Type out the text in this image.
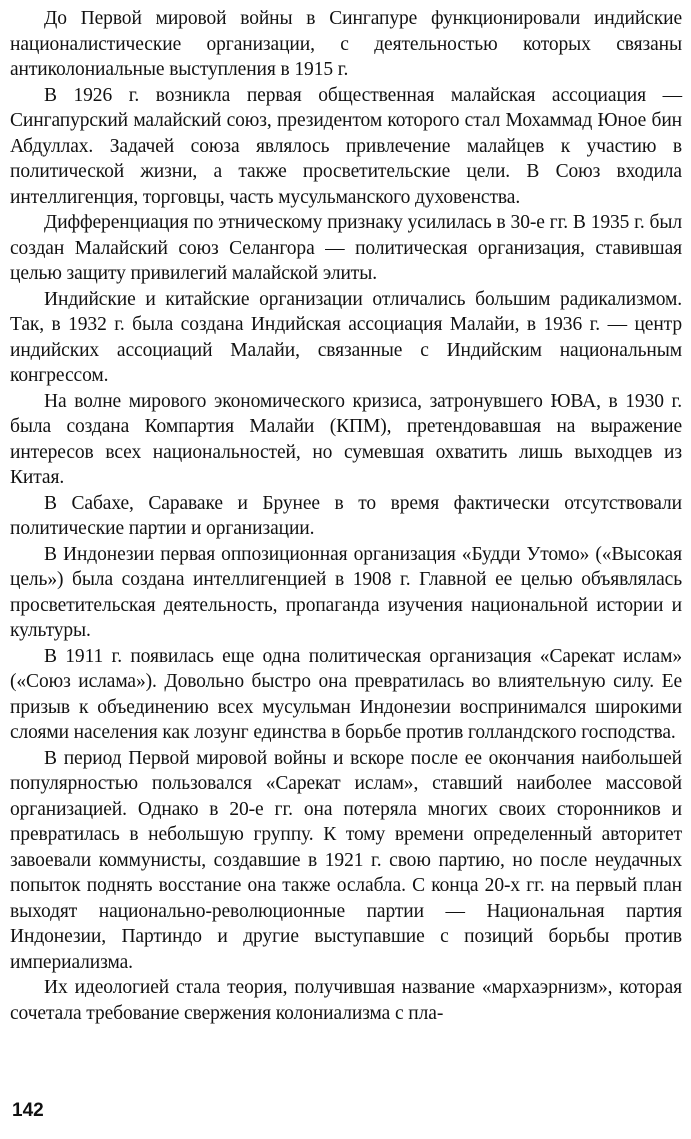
До Первой мировой войны в Сингапуре функционировали индийские националистические организации, с деятельностью которых связаны антиколониальные выступления в 1915 г.

В 1926 г. возникла первая общественная малайская ассоциация — Сингапурский малайский союз, президентом которого стал Мохаммад Юное бин Абдуллах. Задачей союза являлось привлечение малайцев к участию в политической жизни, а также просветительские цели. В Союз входила интеллигенция, торговцы, часть мусульманского духовенства.

Дифференциация по этническому признаку усилилась в 30-е гг. В 1935 г. был создан Малайский союз Селангора — политическая организация, ставившая целью защиту привилегий малайской элиты.

Индийские и китайские организации отличались большим радикализмом. Так, в 1932 г. была создана Индийская ассоциация Малайи, в 1936 г. — центр индийских ассоциаций Малайи, связанные с Индийским национальным конгрессом.

На волне мирового экономического кризиса, затронувшего ЮВА, в 1930 г. была создана Компартия Малайи (КПМ), претендовавшая на выражение интересов всех национальностей, но сумевшая охватить лишь выходцев из Китая.

В Сабахе, Сараваке и Брунее в то время фактически отсутствовали политические партии и организации.

В Индонезии первая оппозиционная организация «Будди Утомо» («Высокая цель») была создана интеллигенцией в 1908 г. Главной ее целью объявлялась просветительская деятельность, пропаганда изучения национальной истории и культуры.

В 1911 г. появилась еще одна политическая организация «Сарекат ислам» («Союз ислама»). Довольно быстро она превратилась во влиятельную силу. Ее призыв к объединению всех мусульман Индонезии воспринимался широкими слоями населения как лозунг единства в борьбе против голландского господства.

В период Первой мировой войны и вскоре после ее окончания наибольшей популярностью пользовался «Сарекат ислам», ставший наиболее массовой организацией. Однако в 20-е гг. она потеряла многих своих сторонников и превратилась в небольшую группу. К тому времени определенный авторитет завоевали коммунисты, создавшие в 1921 г. свою партию, но после неудачных попыток поднять восстание она также ослабла. С конца 20-х гг. на первый план выходят национально-революционные партии — Национальная партия Индонезии, Партиндо и другие выступавшие с позиций борьбы против империализма.

Их идеологией стала теория, получившая название «мархаэрнизм», которая сочетала требование свержения колониализма с пла-

142
